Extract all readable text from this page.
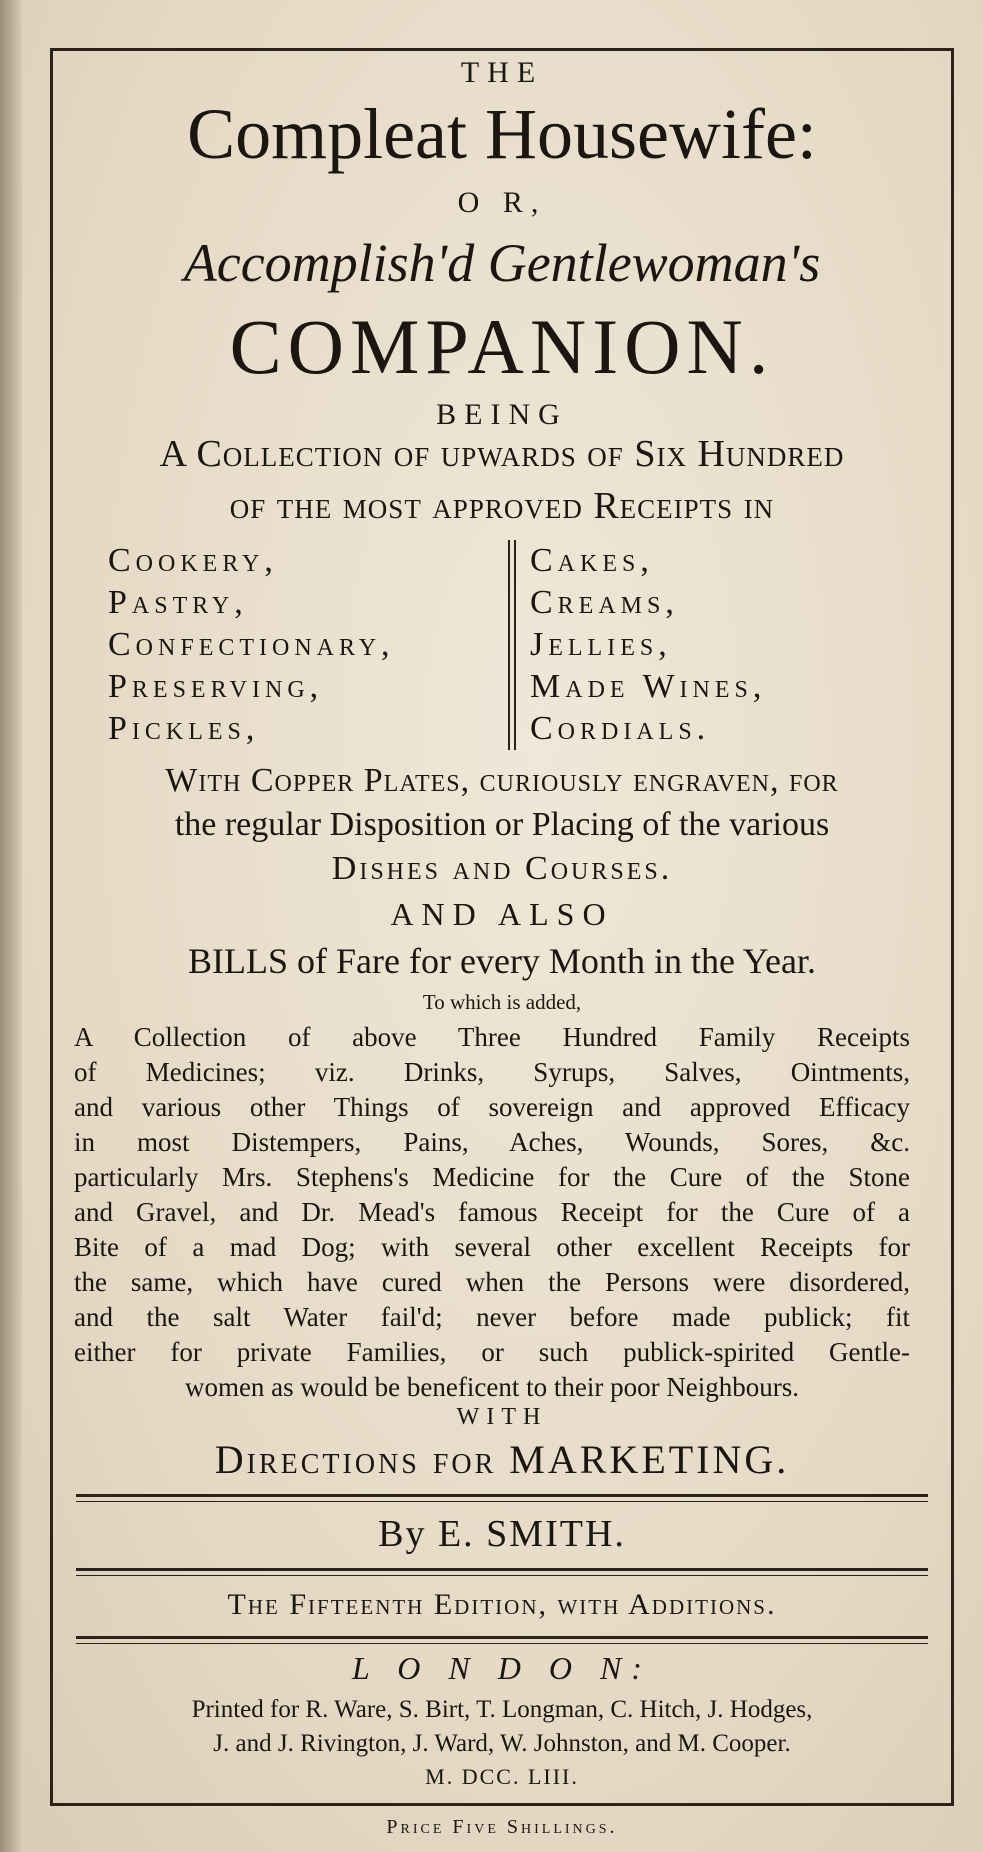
THE
Compleat Housewife:
O R,
Accomplish'd Gentlewoman's
COMPANION.
BEING
A Collection of upwards of Six Hundred
of the most approved Receipts in
Cookery,
Pastry,
Confectionary,
Preserving,
Pickles,
Cakes,
Creams,
Jellies,
Made Wines,
Cordials.
With Copper Plates, curiously engraven, for
the regular Disposition or Placing of the various
Dishes and Courses.
AND ALSO
BILLS of Fare for every Month in the Year.
To which is added,

A Collection of above Three Hundred Family Receipts

of Medicines; viz. Drinks, Syrups, Salves, Ointments,

and various other Things of sovereign and approved Efficacy

in most Distempers, Pains, Aches, Wounds, Sores, &c.

particularly Mrs. Stephens's Medicine for the Cure of the Stone

and Gravel, and Dr. Mead's famous Receipt for the Cure of a

Bite of a mad Dog; with several other excellent Receipts for

the same, which have cured when the Persons were disordered,

and the salt Water fail'd; never before made publick; fit

either for private Families, or such publick-spirited Gentle-

women as would be beneficent to their poor Neighbours.

WITH
Directions for MARKETING.
By E. SMITH.
The Fifteenth Edition, with Additions.
L O N D O N:
Printed for R. Ware, S. Birt, T. Longman, C. Hitch, J. Hodges,
J. and J. Rivington, J. Ward, W. Johnston, and M. Cooper.
M. DCC. LIII.
Price Five Shillings.
